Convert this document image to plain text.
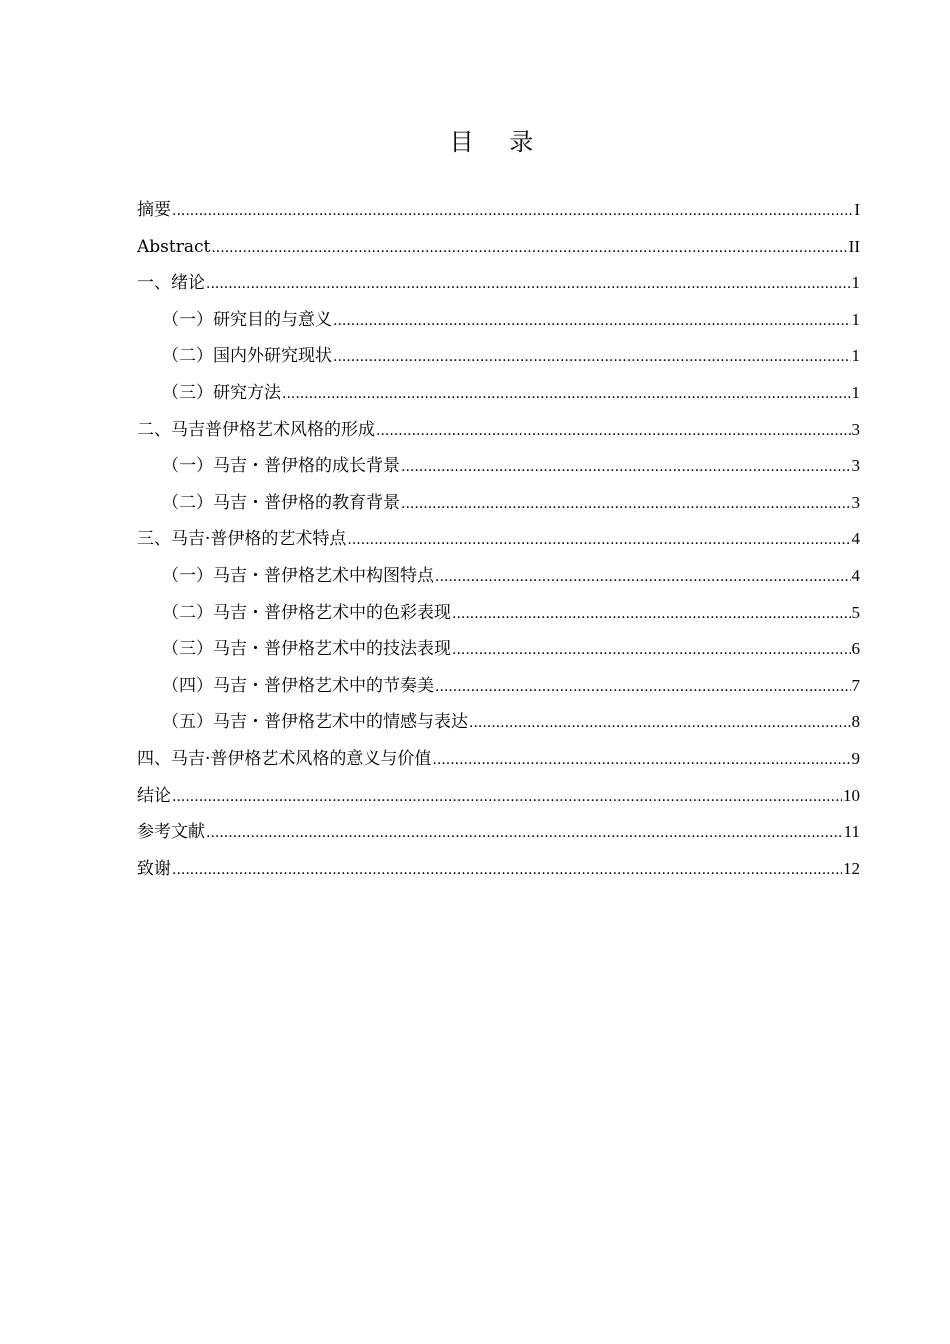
目 录
摘要 .....	I
Abstract .....	II
一、绪论 .....	1
（一）研究目的与意义 .....	1
（二）国内外研究现状 .....	1
（三）研究方法 .....	1
二、马吉普伊格艺术风格的形成 .....	3
（一）马吉・普伊格的成长背景 .....	3
（二）马吉・普伊格的教育背景 .....	3
三、马吉·普伊格的艺术特点 .....	4
（一）马吉・普伊格艺术中构图特点 .....	4
（二）马吉・普伊格艺术中的色彩表现 .....	5
（三）马吉・普伊格艺术中的技法表现 .....	6
（四）马吉・普伊格艺术中的节奏美 .....	7
（五）马吉・普伊格艺术中的情感与表达 .....	8
四、马吉·普伊格艺术风格的意义与价值 .....	9
结论 .....	10
参考文献 .....	11
致谢 .....	12
